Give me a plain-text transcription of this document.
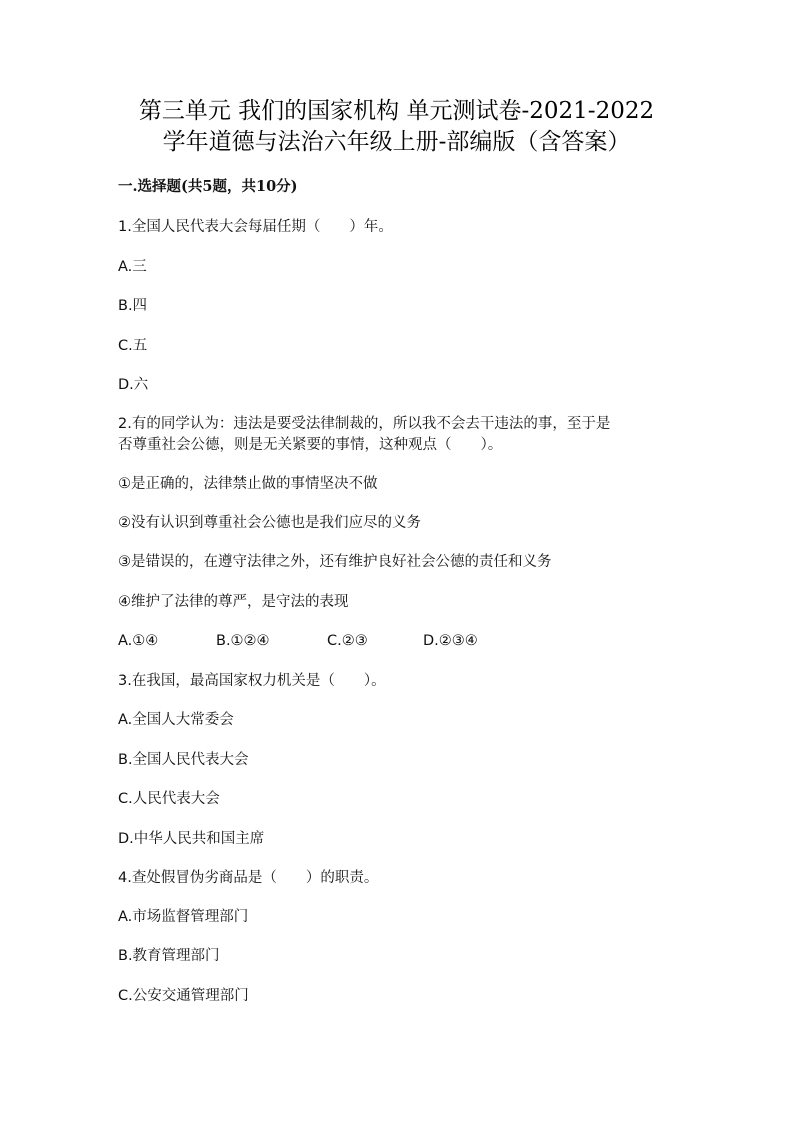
第三单元 我们的国家机构 单元测试卷-2021-2022
学年道德与法治六年级上册-部编版（含答案）
一.选择题(共5题，共10分)
1.全国人民代表大会每届任期（　　）年。
A.三
B.四
C.五
D.六
2.有的同学认为：违法是要受法律制裁的，所以我不会去干违法的事，至于是
否尊重社会公德，则是无关紧要的事情，这种观点（　　）。
①是正确的，法律禁止做的事情坚决不做
②没有认识到尊重社会公德也是我们应尽的义务
③是错误的，在遵守法律之外，还有维护良好社会公德的责任和义务
④维护了法律的尊严，是守法的表现
A.①④	B.①②④	C.②③	D.②③④
3.在我国，最高国家权力机关是（　　）。
A.全国人大常委会
B.全国人民代表大会
C.人民代表大会
D.中华人民共和国主席
4.查处假冒伪劣商品是（　　）的职责。
A.市场监督管理部门
B.教育管理部门
C.公安交通管理部门
